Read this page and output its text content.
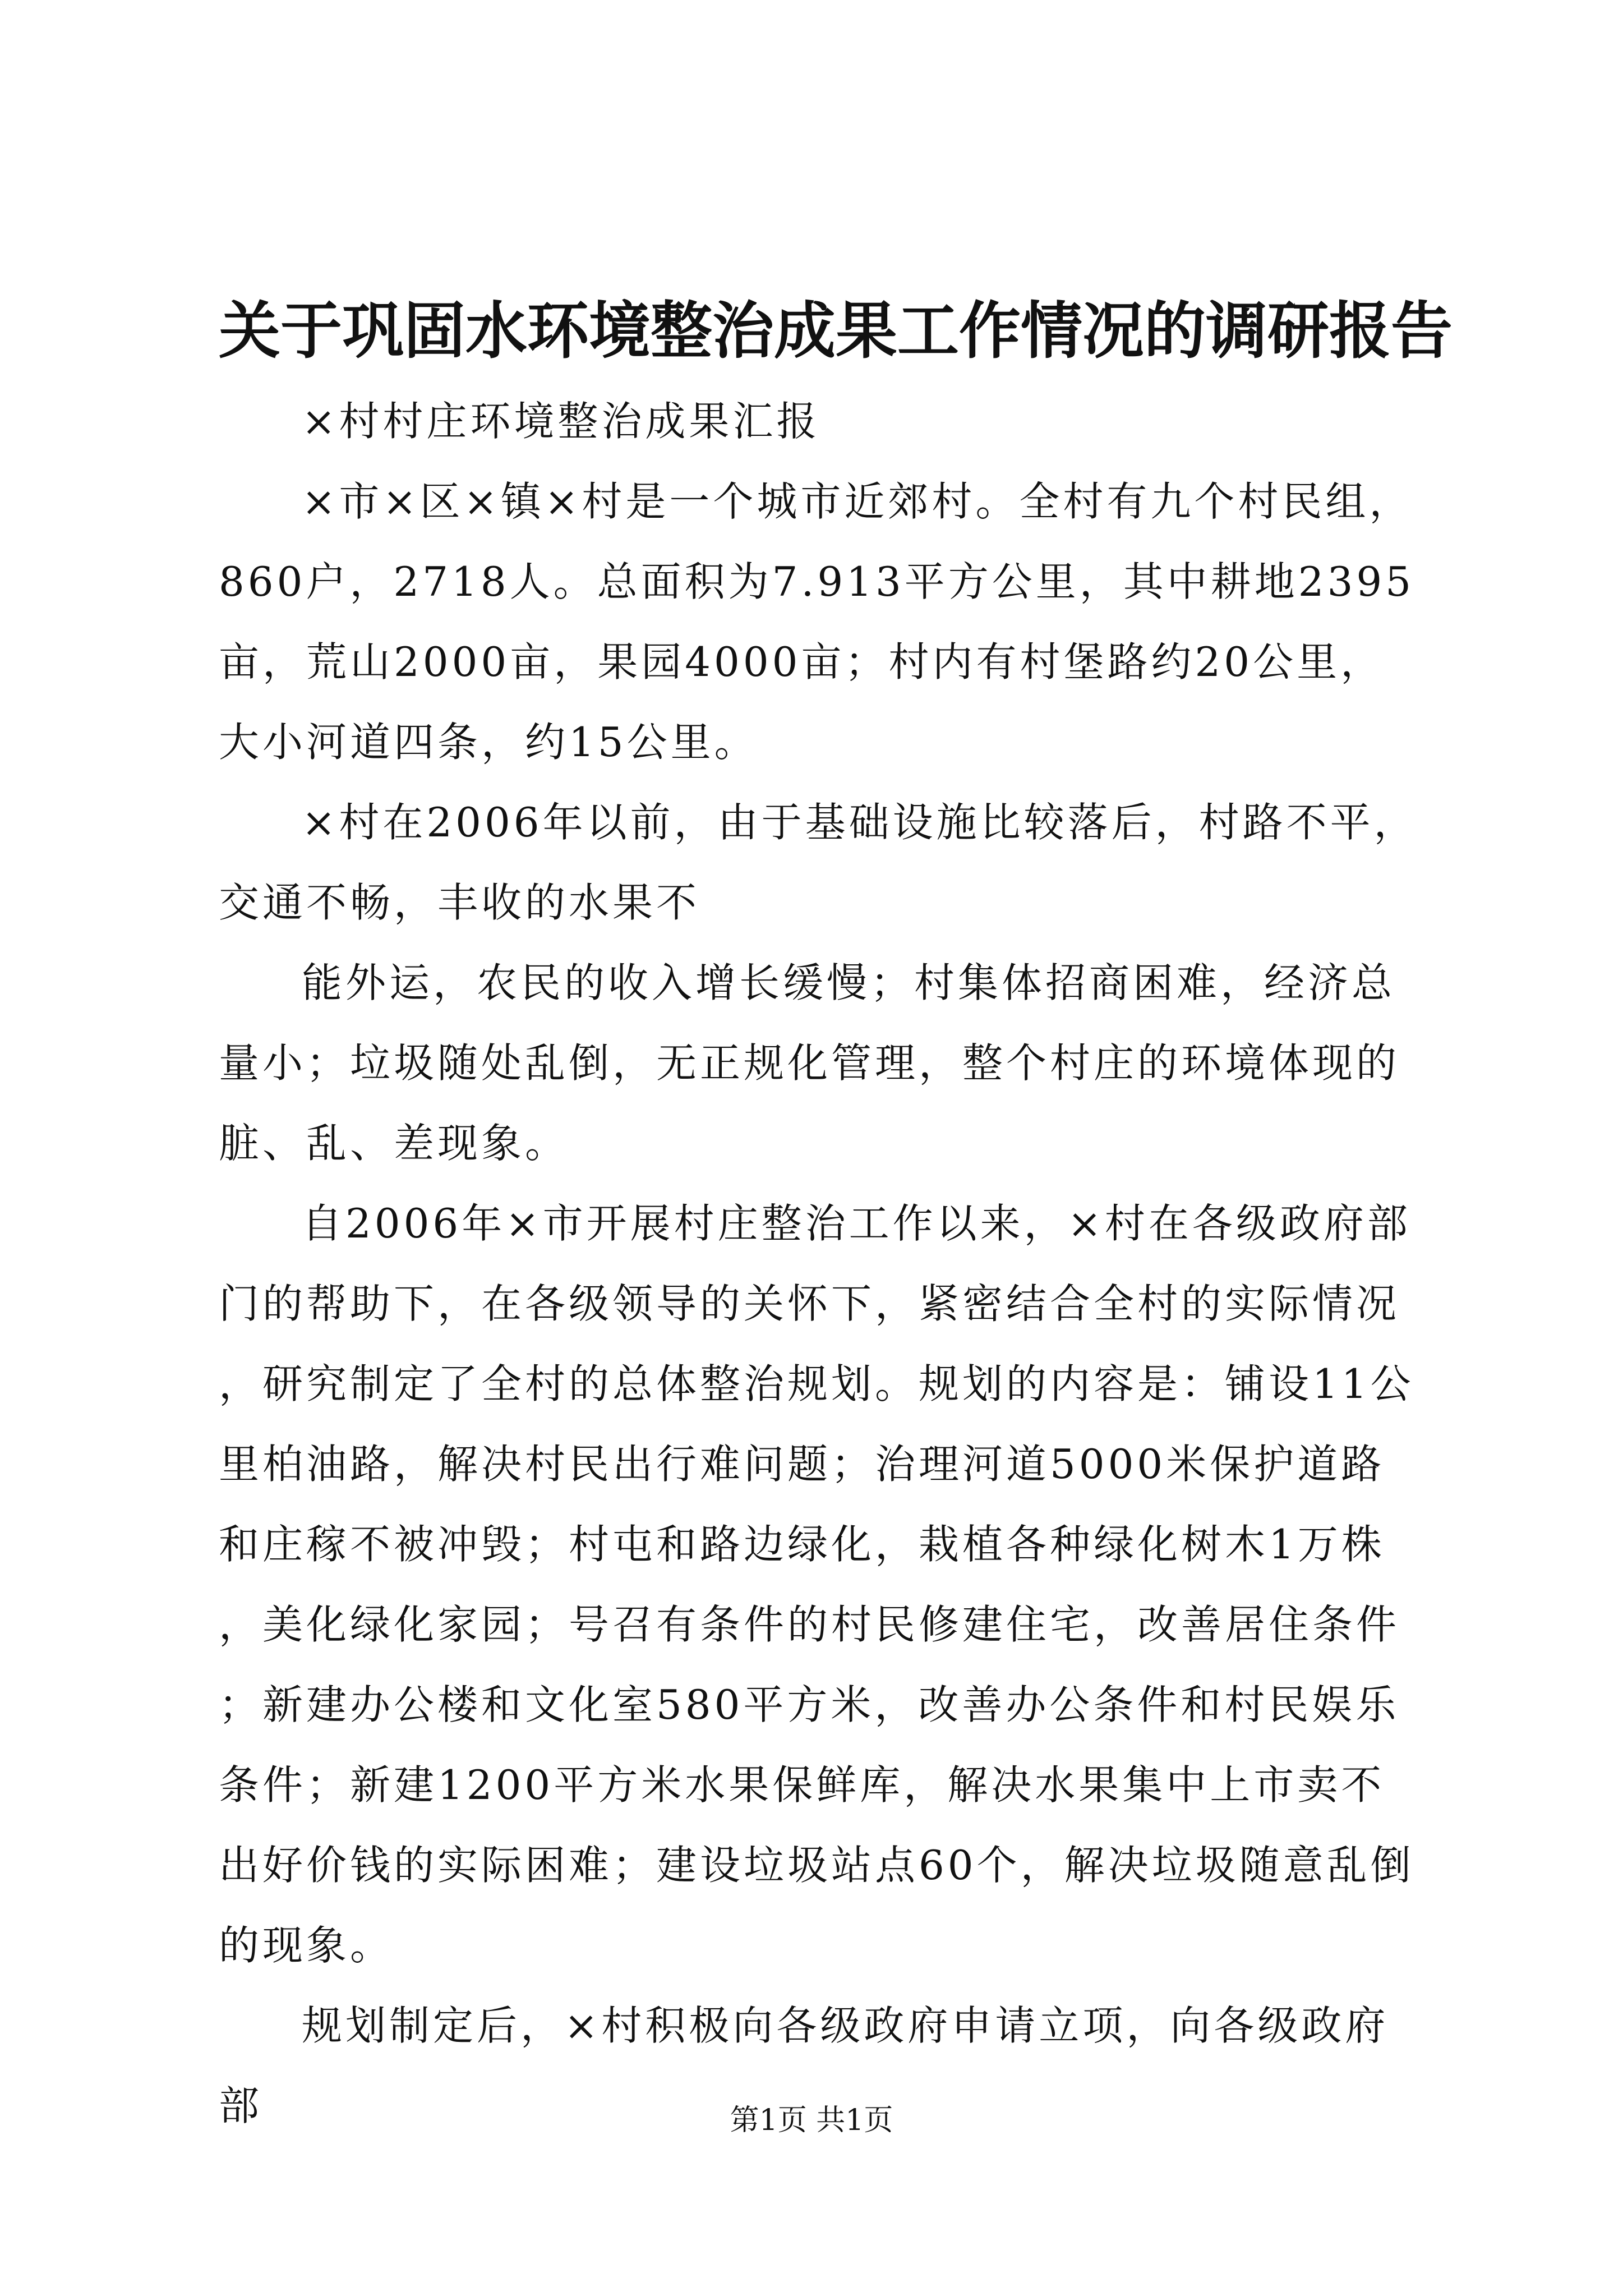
关于巩固水环境整治成果工作情况的调研报告

×村村庄环境整治成果汇报

×市×区×镇×村是一个城市近郊村。全村有九个村民组，860户，2718人。总面积为7.913平方公里，其中耕地2395亩，荒山2000亩，果园4000亩；村内有村堡路约20公里，大小河道四条，约15公里。

×村在2006年以前，由于基础设施比较落后，村路不平，交通不畅，丰收的水果不

能外运，农民的收入增长缓慢；村集体招商困难，经济总量小；垃圾随处乱倒，无正规化管理，整个村庄的环境体现的脏、乱、差现象。

自2006年×市开展村庄整治工作以来，×村在各级政府部门的帮助下，在各级领导的关怀下，紧密结合全村的实际情况，研究制定了全村的总体整治规划。规划的内容是：铺设11公里柏油路，解决村民出行难问题；治理河道5000米保护道路和庄稼不被冲毁；村屯和路边绿化，栽植各种绿化树木1万株，美化绿化家园；号召有条件的村民修建住宅，改善居住条件；新建办公楼和文化室580平方米，改善办公条件和村民娱乐条件；新建1200平方米水果保鲜库，解决水果集中上市卖不出好价钱的实际困难；建设垃圾站点60个，解决垃圾随意乱倒的现象。

规划制定后，×村积极向各级政府申请立项，向各级政府部	第1页 共1页
